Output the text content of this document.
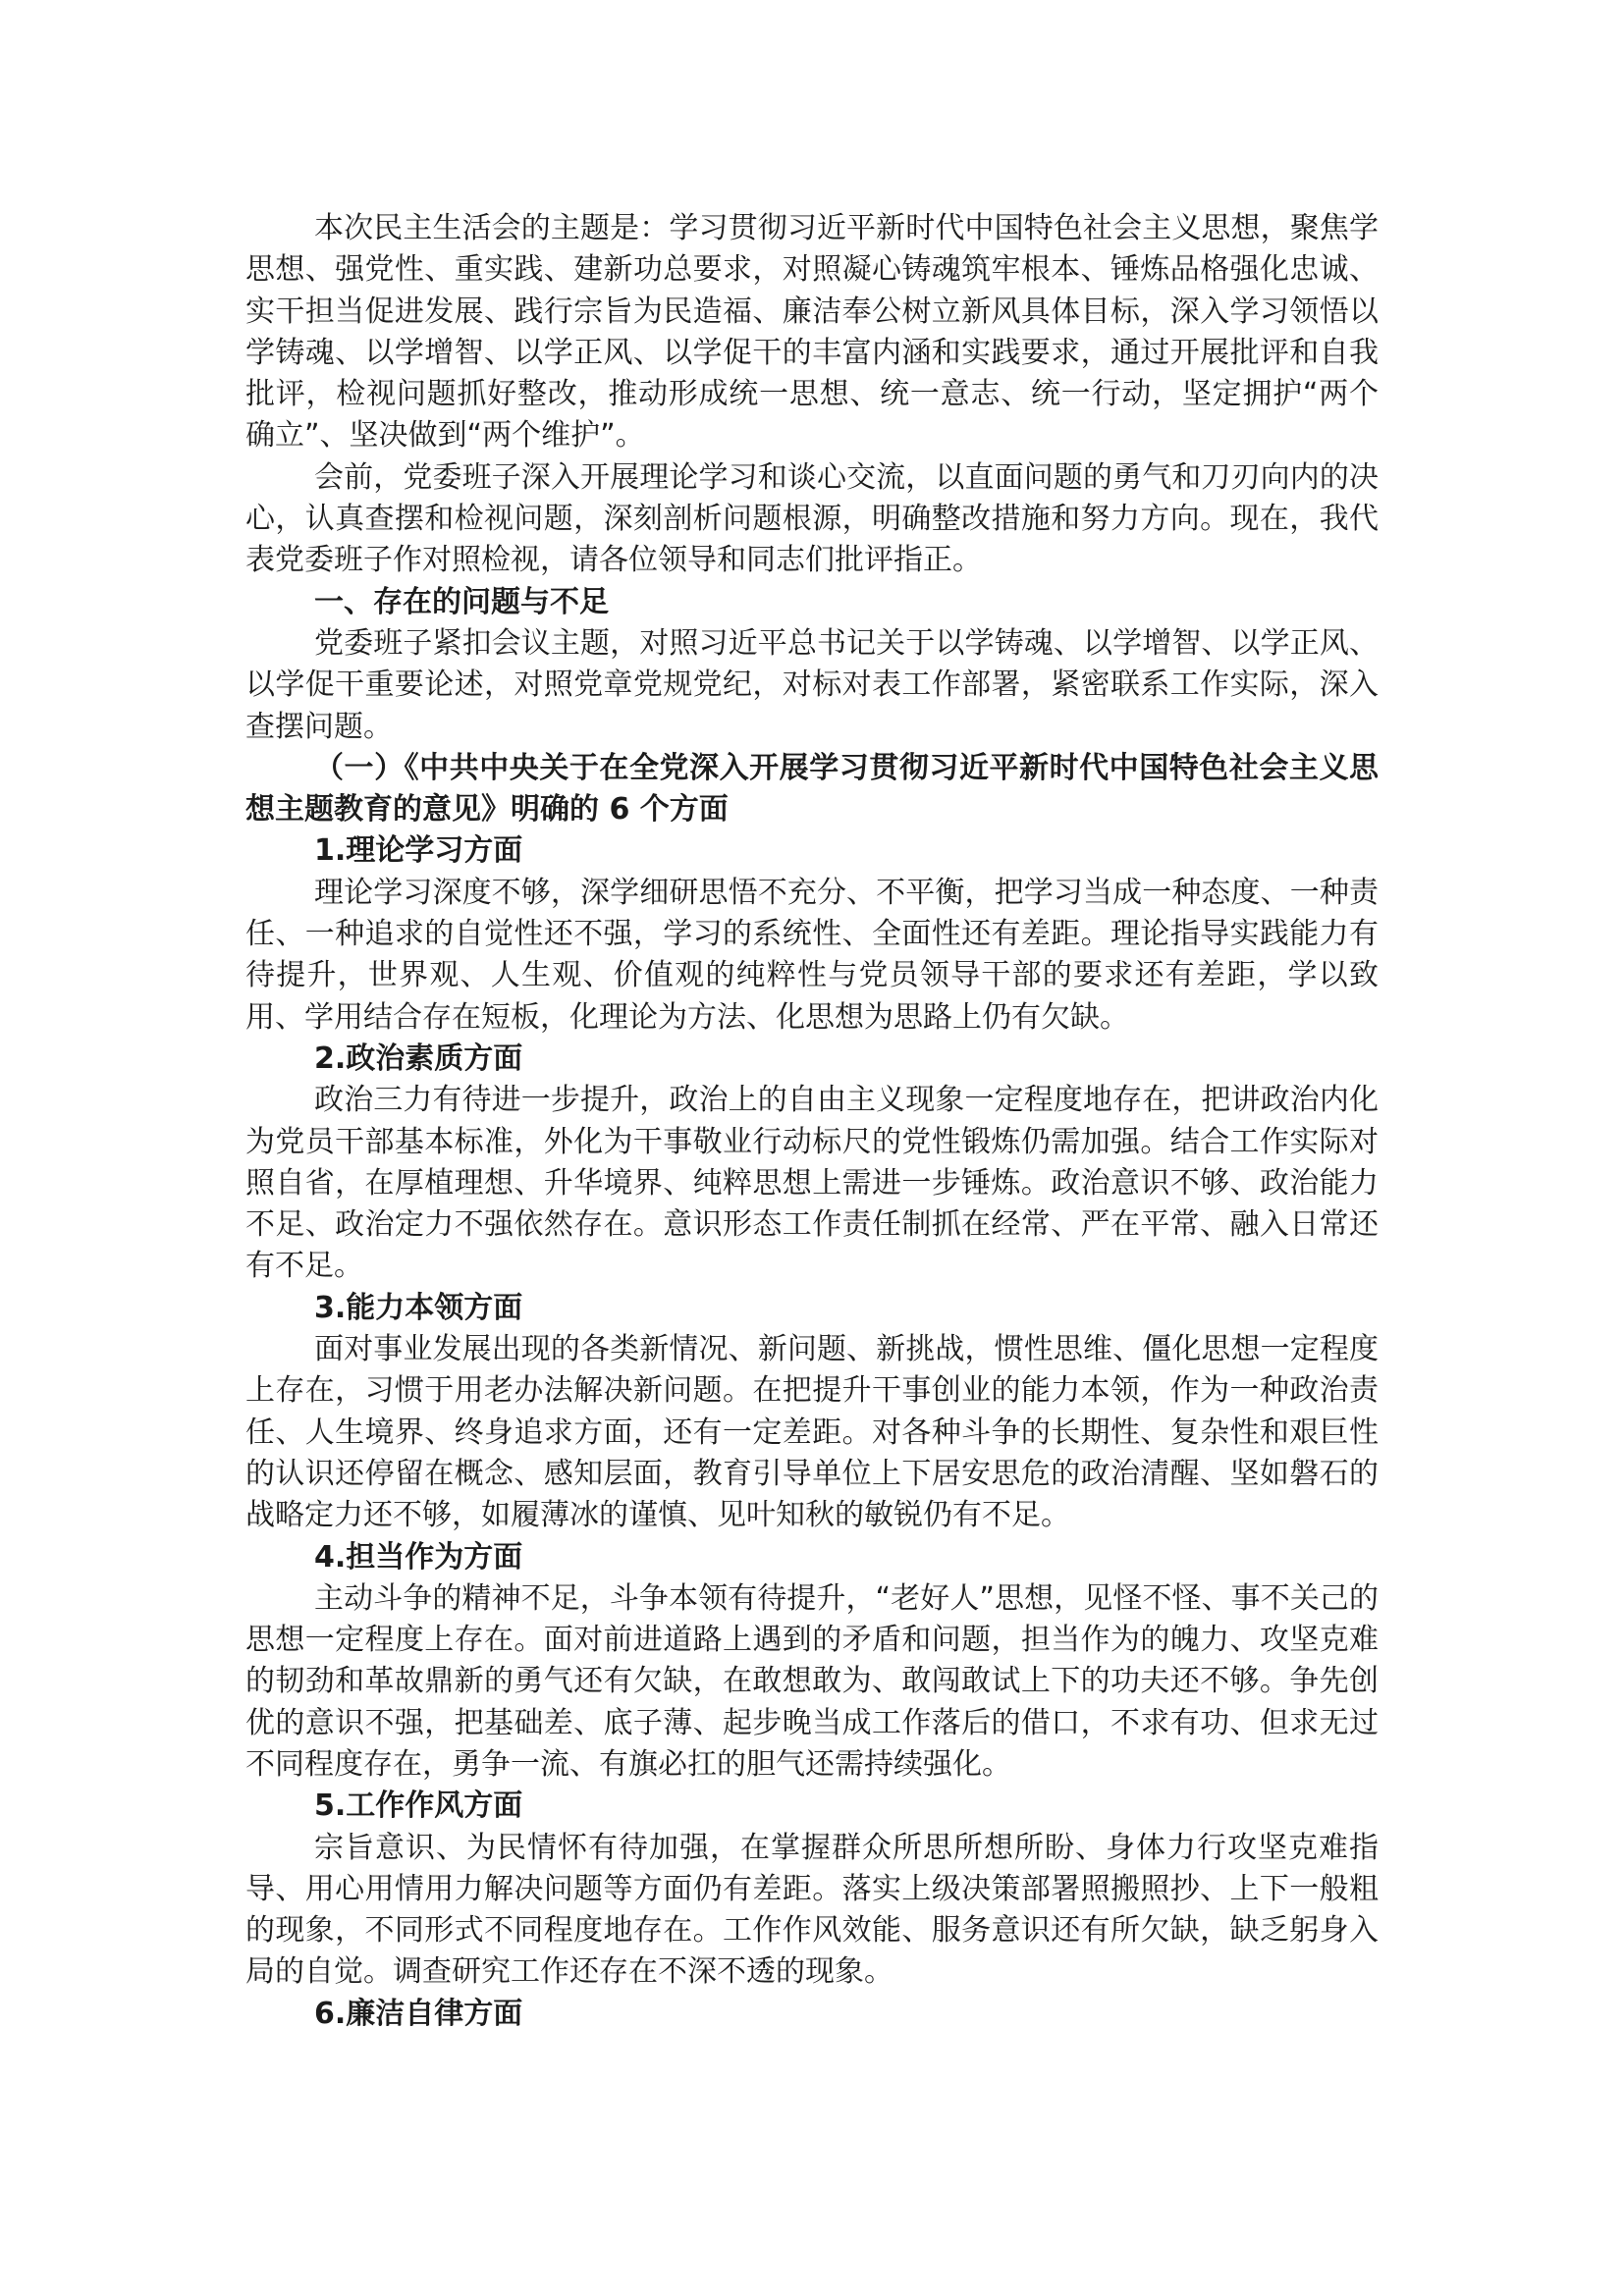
本次民主生活会的主题是：学习贯彻习近平新时代中国特色社会主义思想，聚焦学思想、强党性、重实践、建新功总要求，对照凝心铸魂筑牢根本、锤炼品格强化忠诚、实干担当促进发展、践行宗旨为民造福、廉洁奉公树立新风具体目标，深入学习领悟以学铸魂、以学增智、以学正风、以学促干的丰富内涵和实践要求，通过开展批评和自我批评，检视问题抓好整改，推动形成统一思想、统一意志、统一行动，坚定拥护“两个确立”、坚决做到“两个维护”。

会前，党委班子深入开展理论学习和谈心交流，以直面问题的勇气和刀刃向内的决心，认真查摆和检视问题，深刻剖析问题根源，明确整改措施和努力方向。现在，我代表党委班子作对照检视，请各位领导和同志们批评指正。

一、存在的问题与不足

党委班子紧扣会议主题，对照习近平总书记关于以学铸魂、以学增智、以学正风、以学促干重要论述，对照党章党规党纪，对标对表工作部署，紧密联系工作实际，深入查摆问题。

（一）《中共中央关于在全党深入开展学习贯彻习近平新时代中国特色社会主义思想主题教育的意见》明确的 6 个方面

1.理论学习方面

理论学习深度不够，深学细研思悟不充分、不平衡，把学习当成一种态度、一种责任、一种追求的自觉性还不强，学习的系统性、全面性还有差距。理论指导实践能力有待提升，世界观、人生观、价值观的纯粹性与党员领导干部的要求还有差距，学以致用、学用结合存在短板，化理论为方法、化思想为思路上仍有欠缺。

2.政治素质方面

政治三力有待进一步提升，政治上的自由主义现象一定程度地存在，把讲政治内化为党员干部基本标准，外化为干事敬业行动标尺的党性锻炼仍需加强。结合工作实际对照自省，在厚植理想、升华境界、纯粹思想上需进一步锤炼。政治意识不够、政治能力不足、政治定力不强依然存在。意识形态工作责任制抓在经常、严在平常、融入日常还有不足。

3.能力本领方面

面对事业发展出现的各类新情况、新问题、新挑战，惯性思维、僵化思想一定程度上存在，习惯于用老办法解决新问题。在把提升干事创业的能力本领，作为一种政治责任、人生境界、终身追求方面，还有一定差距。对各种斗争的长期性、复杂性和艰巨性的认识还停留在概念、感知层面，教育引导单位上下居安思危的政治清醒、坚如磐石的战略定力还不够，如履薄冰的谨慎、见叶知秋的敏锐仍有不足。

4.担当作为方面

主动斗争的精神不足，斗争本领有待提升，“老好人”思想，见怪不怪、事不关己的思想一定程度上存在。面对前进道路上遇到的矛盾和问题，担当作为的魄力、攻坚克难的韧劲和革故鼎新的勇气还有欠缺，在敢想敢为、敢闯敢试上下的功夫还不够。争先创优的意识不强，把基础差、底子薄、起步晚当成工作落后的借口，不求有功、但求无过不同程度存在，勇争一流、有旗必扛的胆气还需持续强化。

5.工作作风方面

宗旨意识、为民情怀有待加强，在掌握群众所思所想所盼、身体力行攻坚克难指导、用心用情用力解决问题等方面仍有差距。落实上级决策部署照搬照抄、上下一般粗的现象，不同形式不同程度地存在。工作作风效能、服务意识还有所欠缺，缺乏躬身入局的自觉。调查研究工作还存在不深不透的现象。

6.廉洁自律方面
